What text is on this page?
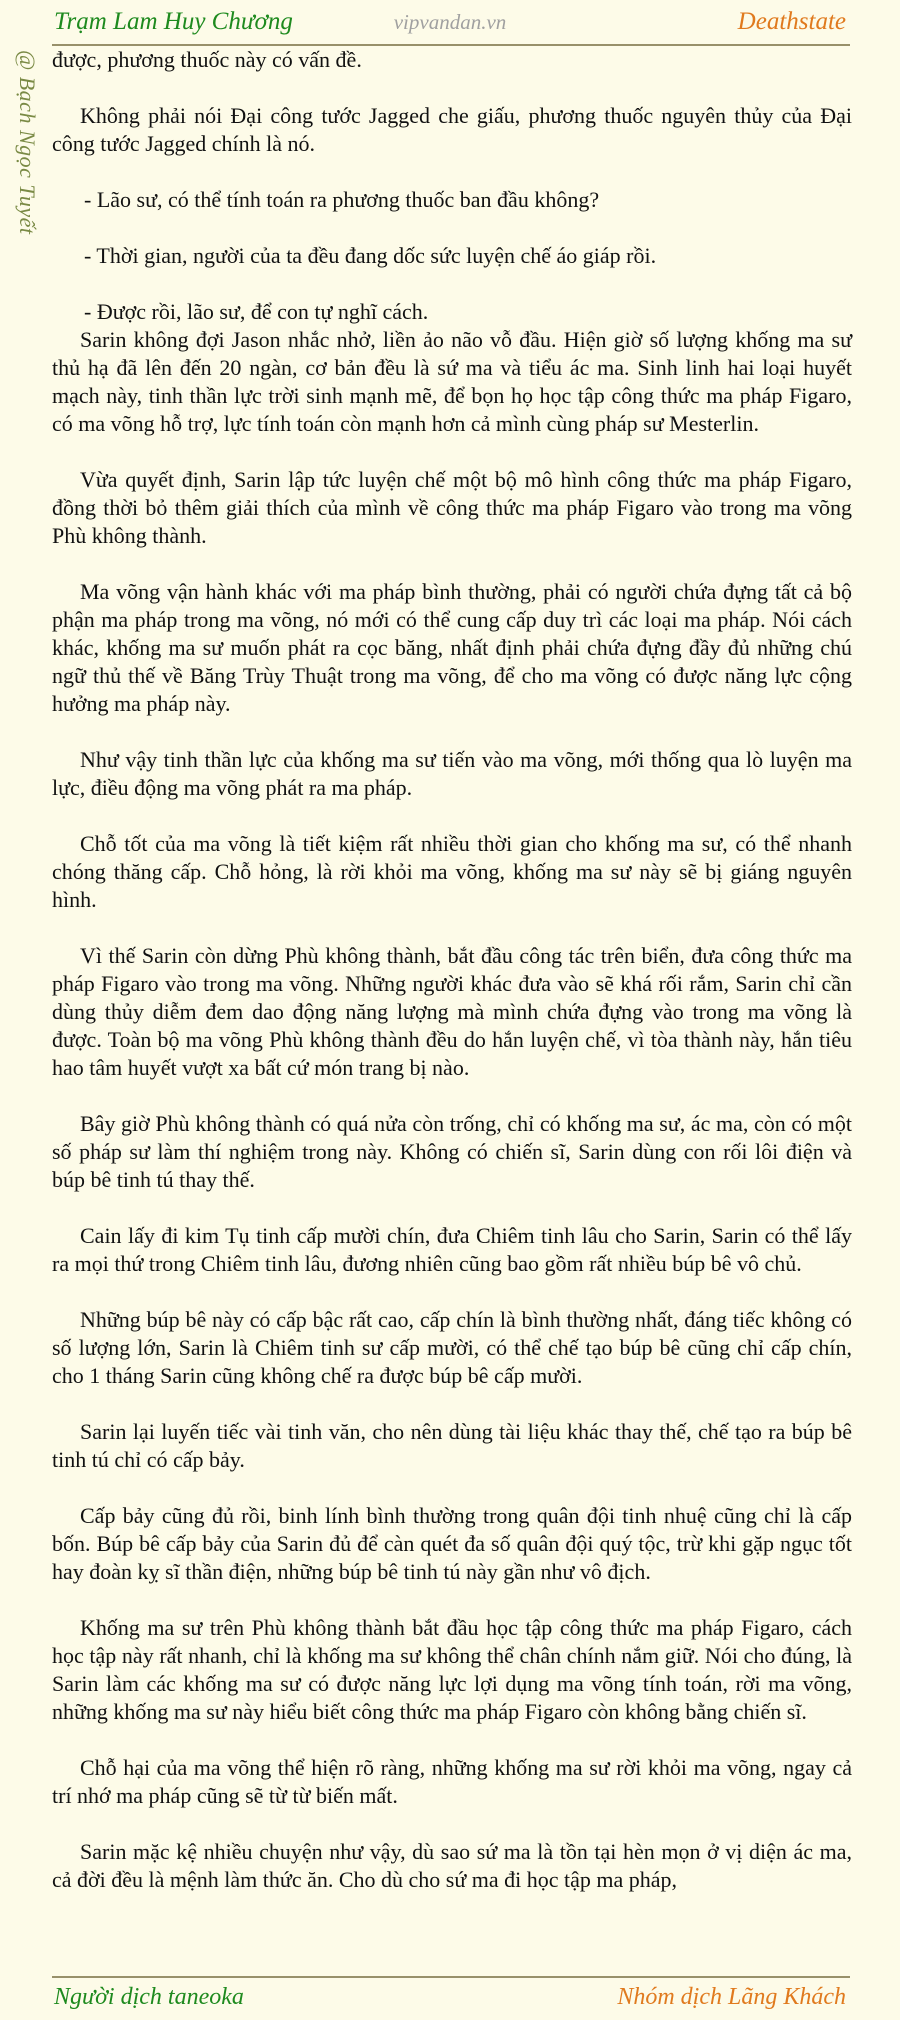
Trạm Lam Huy Chương	vipvandan.vn	Deathstate
@ Bạch Ngọc Tuyết được, phương thuốc này có vấn đề.

Không phải nói Đại công tước Jagged che giấu, phương thuốc nguyên thủy của Đại công tước Jagged chính là nó.

- Lão sư, có thể tính toán ra phương thuốc ban đầu không?

- Thời gian, người của ta đều đang dốc sức luyện chế áo giáp rồi.

- Được rồi, lão sư, để con tự nghĩ cách.

Sarin không đợi Jason nhắc nhở, liền ảo não vỗ đầu. Hiện giờ số lượng khống ma sư thủ hạ đã lên đến 20 ngàn, cơ bản đều là sứ ma và tiểu ác ma. Sinh linh hai loại huyết mạch này, tinh thần lực trời sinh mạnh mẽ, để bọn họ học tập công thức ma pháp Figaro, có ma võng hỗ trợ, lực tính toán còn mạnh hơn cả mình cùng pháp sư Mesterlin.

Vừa quyết định, Sarin lập tức luyện chế một bộ mô hình công thức ma pháp Figaro, đồng thời bỏ thêm giải thích của mình về công thức ma pháp Figaro vào trong ma võng Phù không thành.

Ma võng vận hành khác với ma pháp bình thường, phải có người chứa đựng tất cả bộ phận ma pháp trong ma võng, nó mới có thể cung cấp duy trì các loại ma pháp. Nói cách khác, khống ma sư muốn phát ra cọc băng, nhất định phải chứa đựng đầy đủ những chú ngữ thủ thế về Băng Trùy Thuật trong ma võng, để cho ma võng có được năng lực cộng hưởng ma pháp này.

Như vậy tinh thần lực của khống ma sư tiến vào ma võng, mới thống qua lò luyện ma lực, điều động ma võng phát ra ma pháp.

Chỗ tốt của ma võng là tiết kiệm rất nhiều thời gian cho khống ma sư, có thể nhanh chóng thăng cấp. Chỗ hỏng, là rời khỏi ma võng, khống ma sư này sẽ bị giáng nguyên hình.

Vì thế Sarin còn dừng Phù không thành, bắt đầu công tác trên biển, đưa công thức ma pháp Figaro vào trong ma võng. Những người khác đưa vào sẽ khá rối rắm, Sarin chỉ cần dùng thủy diễm đem dao động năng lượng mà mình chứa đựng vào trong ma võng là được. Toàn bộ ma võng Phù không thành đều do hắn luyện chế, vì tòa thành này, hắn tiêu hao tâm huyết vượt xa bất cứ món trang bị nào.

Bây giờ Phù không thành có quá nửa còn trống, chỉ có khống ma sư, ác ma, còn có một số pháp sư làm thí nghiệm trong này. Không có chiến sĩ, Sarin dùng con rối lôi điện và búp bê tinh tú thay thế.

Cain lấy đi kim Tụ tinh cấp mười chín, đưa Chiêm tinh lâu cho Sarin, Sarin có thể lấy ra mọi thứ trong Chiêm tinh lâu, đương nhiên cũng bao gồm rất nhiều búp bê vô chủ.

Những búp bê này có cấp bậc rất cao, cấp chín là bình thường nhất, đáng tiếc không có số lượng lớn, Sarin là Chiêm tinh sư cấp mười, có thể chế tạo búp bê cũng chỉ cấp chín, cho 1 tháng Sarin cũng không chế ra được búp bê cấp mười.

Sarin lại luyến tiếc vài tinh văn, cho nên dùng tài liệu khác thay thế, chế tạo ra búp bê tinh tú chỉ có cấp bảy.

Cấp bảy cũng đủ rồi, binh lính bình thường trong quân đội tinh nhuệ cũng chỉ là cấp bốn. Búp bê cấp bảy của Sarin đủ để càn quét đa số quân đội quý tộc, trừ khi gặp ngục tốt hay đoàn kỵ sĩ thần điện, những búp bê tinh tú này gần như vô địch.

Khống ma sư trên Phù không thành bắt đầu học tập công thức ma pháp Figaro, cách học tập này rất nhanh, chỉ là khống ma sư không thể chân chính nắm giữ. Nói cho đúng, là Sarin làm các khống ma sư có được năng lực lợi dụng ma võng tính toán, rời ma võng, những khống ma sư này hiểu biết công thức ma pháp Figaro còn không bằng chiến sĩ.

Chỗ hại của ma võng thể hiện rõ ràng, những khống ma sư rời khỏi ma võng, ngay cả trí nhớ ma pháp cũng sẽ từ từ biến mất.

Sarin mặc kệ nhiều chuyện như vậy, dù sao sứ ma là tồn tại hèn mọn ở vị diện ác ma, cả đời đều là mệnh làm thức ăn. Cho dù cho sứ ma đi học tập ma pháp,

Người dịch taneoka	Nhóm dịch Lãng Khách
